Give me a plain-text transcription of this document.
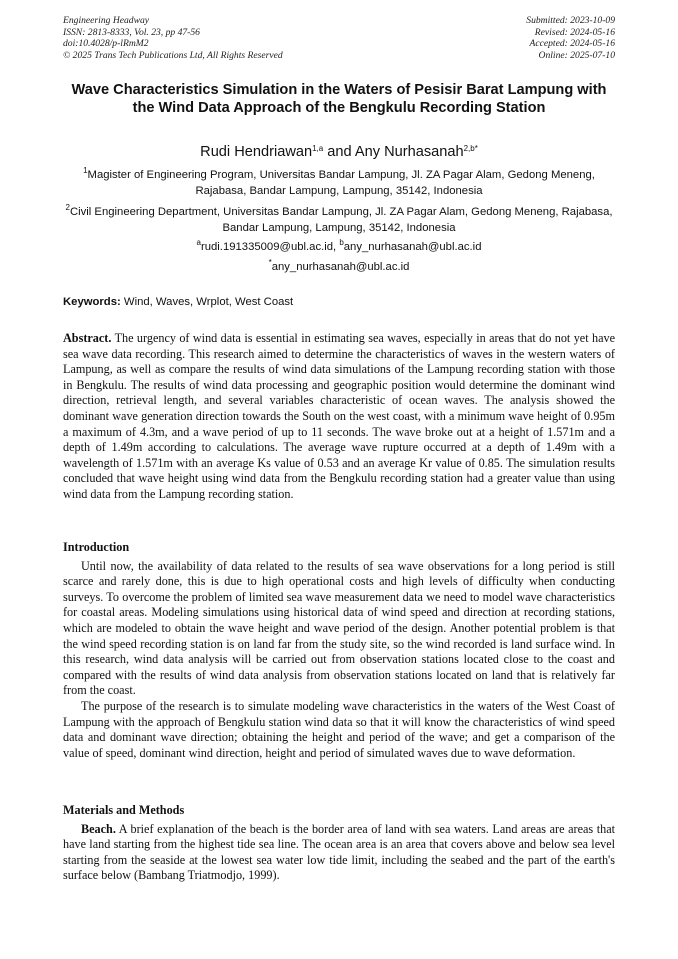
Engineering Headway
ISSN: 2813-8333, Vol. 23, pp 47-56
doi:10.4028/p-lRmM2
© 2025 Trans Tech Publications Ltd, All Rights Reserved
Submitted: 2023-10-09
Revised: 2024-05-16
Accepted: 2024-05-16
Online: 2025-07-10
Wave Characteristics Simulation in the Waters of Pesisir Barat Lampung with the Wind Data Approach of the Bengkulu Recording Station
Rudi Hendriawan$^{1,a}$ and Any Nurhasanah$^{2,b*}$
$^1$Magister of Engineering Program, Universitas Bandar Lampung, Jl. ZA Pagar Alam, Gedong Meneng, Rajabasa, Bandar Lampung, Lampung, 35142, Indonesia
$^2$Civil Engineering Department, Universitas Bandar Lampung, Jl. ZA Pagar Alam, Gedong Meneng, Rajabasa, Bandar Lampung, Lampung, 35142, Indonesia
$^a$rudi.191335009@ubl.ac.id, $^b$any_nurhasanah@ubl.ac.id
*any_nurhasanah@ubl.ac.id
Keywords: Wind, Waves, Wrplot, West Coast

Abstract. The urgency of wind data is essential in estimating sea waves, especially in areas that do not yet have sea wave data recording. This research aimed to determine the characteristics of waves in the western waters of Lampung, as well as compare the results of wind data simulations of the Lampung recording station with those in Bengkulu. The results of wind data processing and geographic position would determine the dominant wind direction, retrieval length, and several variables characteristic of ocean waves. The analysis showed the dominant wave generation direction towards the South on the west coast, with a minimum wave height of 0.95m a maximum of 4.3m, and a wave period of up to 11 seconds. The wave broke out at a height of 1.571m and a depth of 1.49m according to calculations. The average wave rupture occurred at a depth of 1.49m with a wavelength of 1.571m with an average Ks value of 0.53 and an average Kr value of 0.85. The simulation results concluded that wave height using wind data from the Bengkulu recording station had a greater value than using wind data from the Lampung recording station.

Introduction

Until now, the availability of data related to the results of sea wave observations for a long period is still scarce and rarely done, this is due to high operational costs and high levels of difficulty when conducting surveys. To overcome the problem of limited sea wave measurement data we need to model wave characteristics for coastal areas. Modeling simulations using historical data of wind speed and direction at recording stations, which are modeled to obtain the wave height and wave period of the design. Another potential problem is that the wind speed recording station is on land far from the study site, so the wind recorded is land surface wind. In this research, wind data analysis will be carried out from observation stations located close to the coast and compared with the results of wind data analysis from observation stations located on land that is relatively far from the coast.

The purpose of the research is to simulate modeling wave characteristics in the waters of the West Coast of Lampung with the approach of Bengkulu station wind data so that it will know the characteristics of wind speed data and dominant wave direction; obtaining the height and period of the wave; and get a comparison of the value of speed, dominant wind direction, height and period of simulated waves due to wave deformation.

Materials and Methods

Beach. A brief explanation of the beach is the border area of land with sea waters. Land areas are areas that have land starting from the highest tide sea line. The ocean area is an area that covers above and below sea level starting from the seaside at the lowest sea water low tide limit, including the seabed and the part of the earth's surface below (Bambang Triatmodjo, 1999).
